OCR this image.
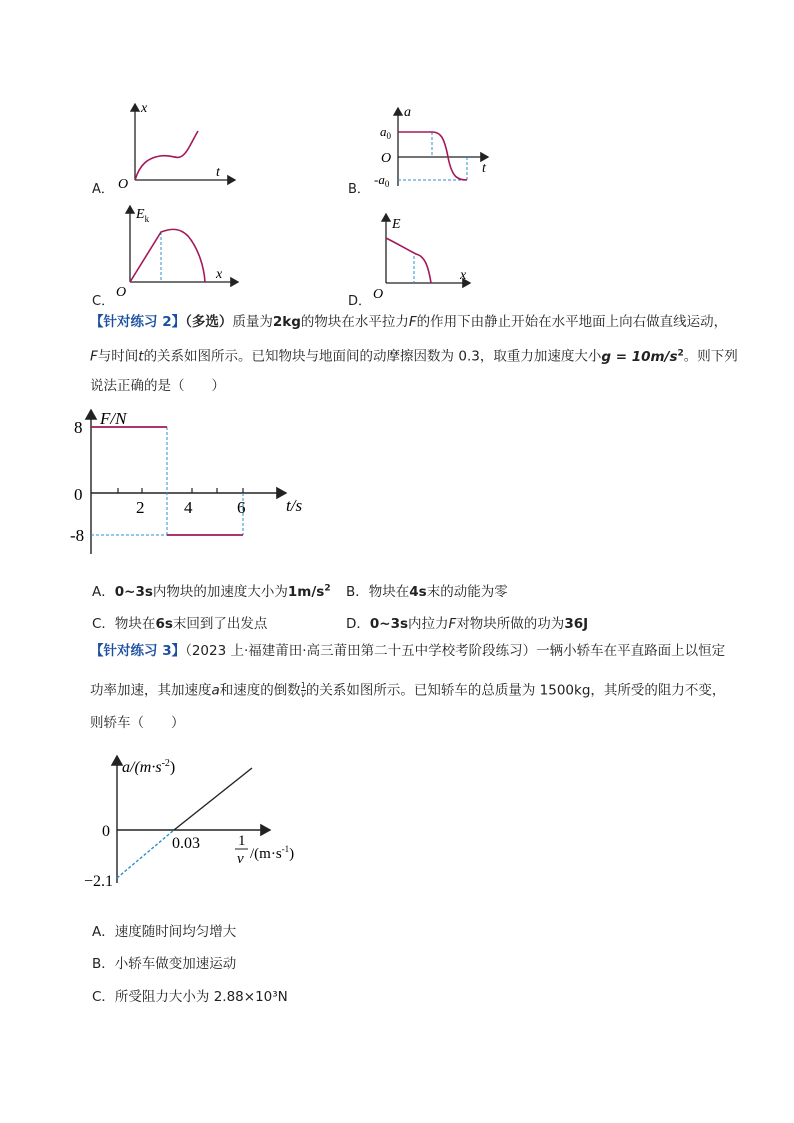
A．
x
t
O	B．
a
t
O
$a_0$
$-a_0$
C．
$E_k$
x
O
D．
E
x
O
【针对练习 2】（多选）质量为2kg的物块在水平拉力F的作用下由静止开始在水平地面上向右做直线运动，
F与时间t的关系如图所示。已知物块与地面间的动摩擦因数为 0.3，取重力加速度大小$g = 10m/s^2$。则下列
说法正确的是（　　）
F/N
t/s
8
0
-8
2 4	6
A．0~3s内物块的加速度大小为$1m/s^2$ B．物块在4s末的动能为零
C．物块在6s末回到了出发点	D．0~3s内拉力F对物块所做的功为36J
【针对练习 3】（2023 上·福建莆田·高三莆田第二十五中学校考阶段练习）一辆小轿车在平直路面上以恒定
功率加速，其加速度a和速度的倒数 $\frac{1}{v}$ 的关系如图所示。已知轿车的总质量为 1500kg，其所受的阻力不变，
则轿车（　　）
$a/(m\cdot s^{-2})$
0
0.03
−2.1
1
v $/(m\cdot s^{-1})$
A．速度随时间均匀增大
B．小轿车做变加速运动
C．所受阻力大小为 2.88×10³N
